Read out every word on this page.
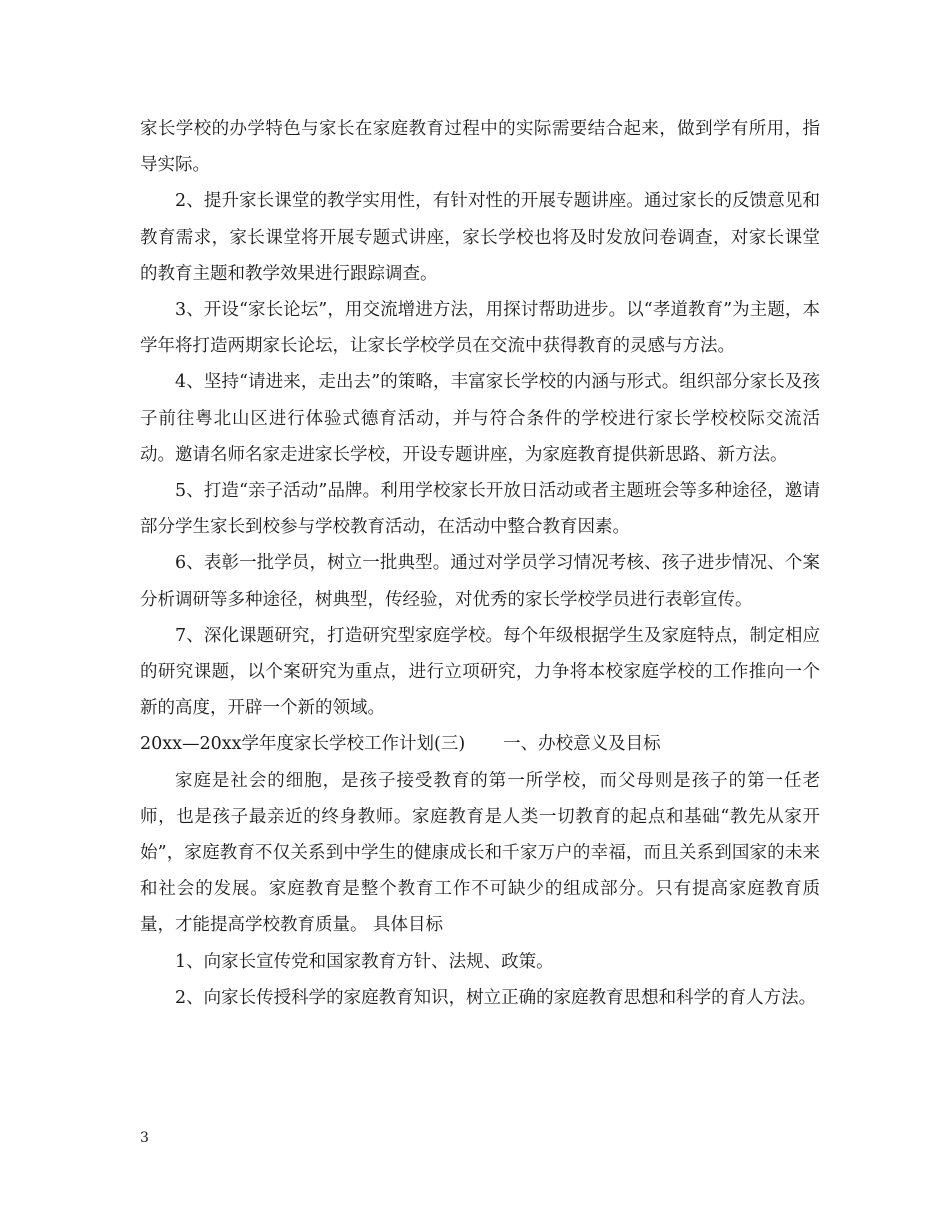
家长学校的办学特色与家长在家庭教育过程中的实际需要结合起来，做到学有所用，指导实际。

2、提升家长课堂的教学实用性，有针对性的开展专题讲座。通过家长的反馈意见和教育需求，家长课堂将开展专题式讲座，家长学校也将及时发放问卷调查，对家长课堂的教育主题和教学效果进行跟踪调查。

3、开设“家长论坛”，用交流增进方法，用探讨帮助进步。以“孝道教育”为主题，本学年将打造两期家长论坛，让家长学校学员在交流中获得教育的灵感与方法。

4、坚持“请进来，走出去”的策略，丰富家长学校的内涵与形式。组织部分家长及孩子前往粤北山区进行体验式德育活动，并与符合条件的学校进行家长学校校际交流活动。邀请名师名家走进家长学校，开设专题讲座，为家庭教育提供新思路、新方法。

5、打造“亲子活动”品牌。利用学校家长开放日活动或者主题班会等多种途径，邀请部分学生家长到校参与学校教育活动，在活动中整合教育因素。

6、表彰一批学员，树立一批典型。通过对学员学习情况考核、孩子进步情况、个案分析调研等多种途径，树典型，传经验，对优秀的家长学校学员进行表彰宣传。

7、深化课题研究，打造研究型家庭学校。每个年级根据学生及家庭特点，制定相应的研究课题，以个案研究为重点，进行立项研究，力争将本校家庭学校的工作推向一个新的高度，开辟一个新的领域。

20xx—20xx学年度家长学校工作计划(三) 一、办校意义及目标

家庭是社会的细胞，是孩子接受教育的第一所学校，而父母则是孩子的第一任老师，也是孩子最亲近的终身教师。家庭教育是人类一切教育的起点和基础“教先从家开始”，家庭教育不仅关系到中学生的健康成长和千家万户的幸福，而且关系到国家的未来和社会的发展。家庭教育是整个教育工作不可缺少的组成部分。只有提高家庭教育质量，才能提高学校教育质量。 具体目标

1、向家长宣传党和国家教育方针、法规、政策。

2、向家长传授科学的家庭教育知识，树立正确的家庭教育思想和科学的育人方法。

3
